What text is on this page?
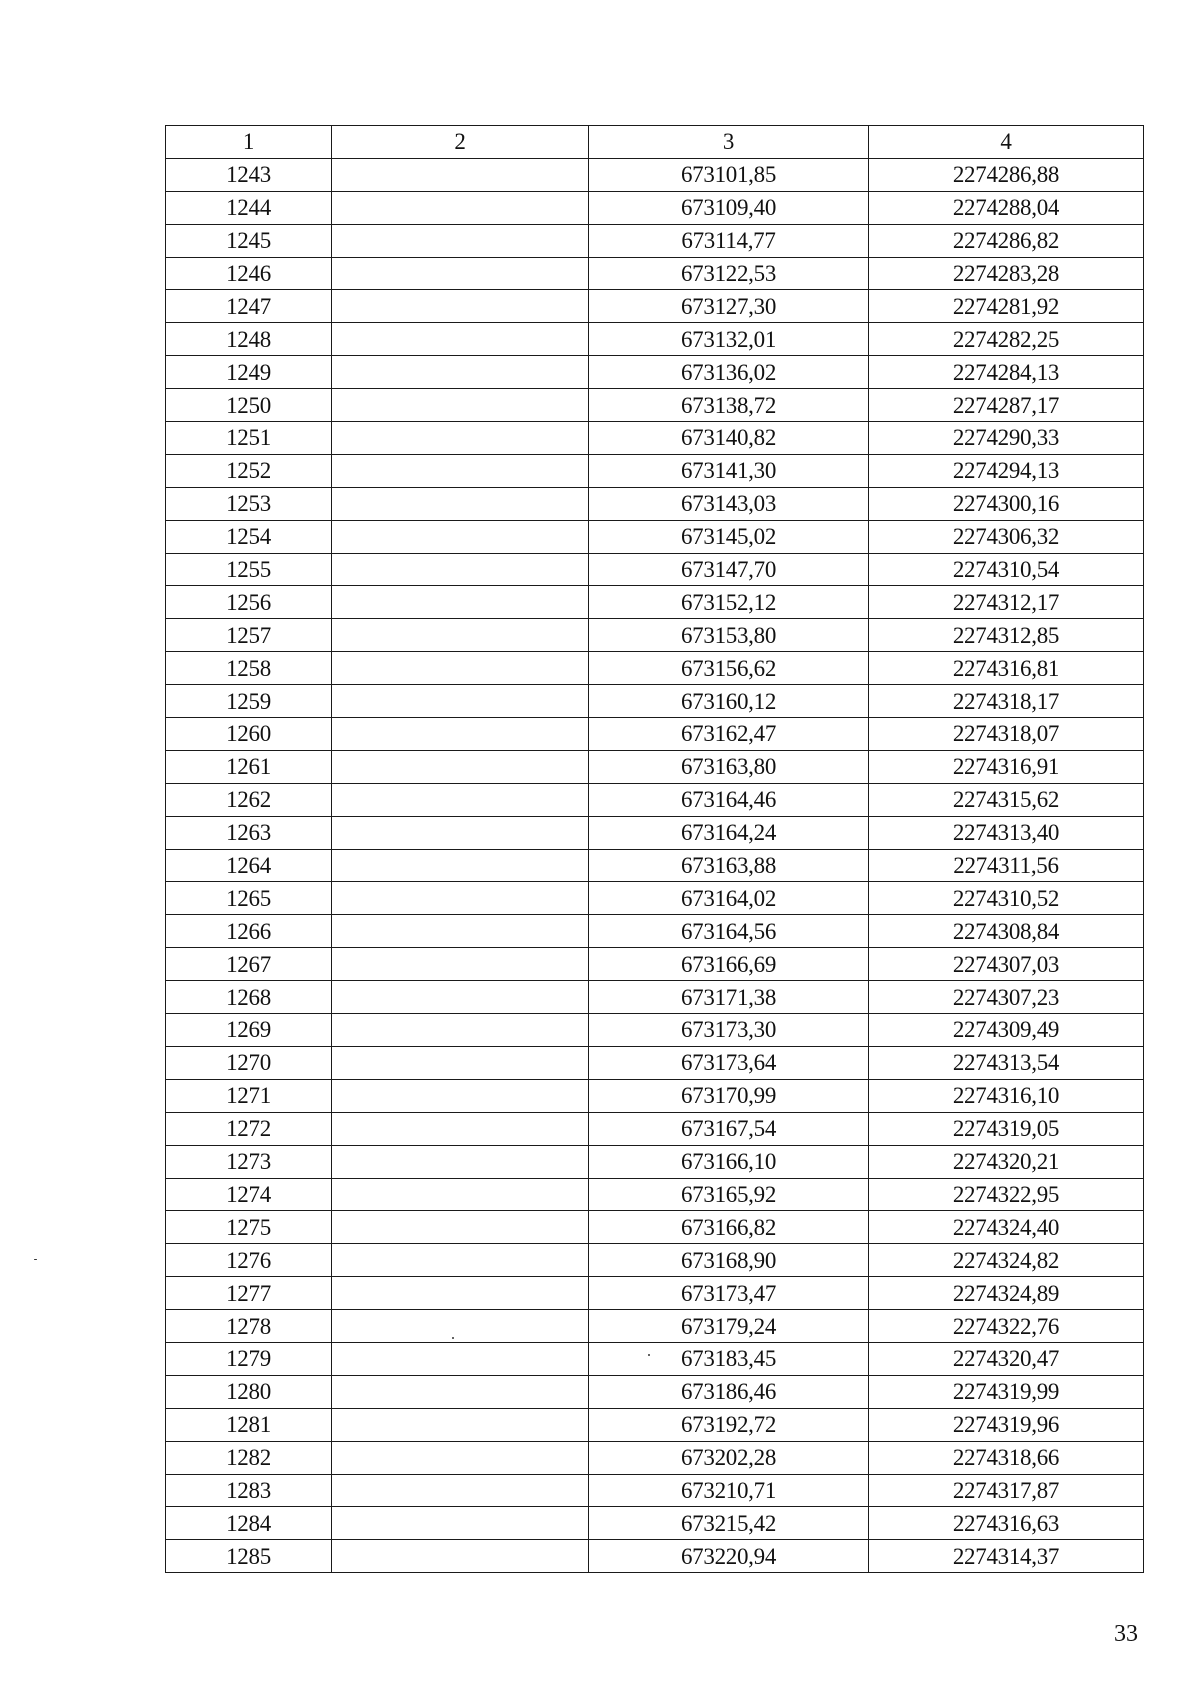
1	2	3	4
1243		673101,85	2274286,88
1244		673109,40	2274288,04
1245		673114,77	2274286,82
1246		673122,53	2274283,28
1247		673127,30	2274281,92
1248		673132,01	2274282,25
1249		673136,02	2274284,13
1250		673138,72	2274287,17
1251		673140,82	2274290,33
1252		673141,30	2274294,13
1253		673143,03	2274300,16
1254		673145,02	2274306,32
1255		673147,70	2274310,54
1256		673152,12	2274312,17
1257		673153,80	2274312,85
1258		673156,62	2274316,81
1259		673160,12	2274318,17
1260		673162,47	2274318,07
1261		673163,80	2274316,91
1262		673164,46	2274315,62
1263		673164,24	2274313,40
1264		673163,88	2274311,56
1265		673164,02	2274310,52
1266		673164,56	2274308,84
1267		673166,69	2274307,03
1268		673171,38	2274307,23
1269		673173,30	2274309,49
1270		673173,64	2274313,54
1271		673170,99	2274316,10
1272		673167,54	2274319,05
1273		673166,10	2274320,21
1274		673165,92	2274322,95
1275		673166,82	2274324,40
1276		673168,90	2274324,82
1277		673173,47	2274324,89
1278		673179,24	2274322,76
1279		673183,45	2274320,47
1280		673186,46	2274319,99
1281		673192,72	2274319,96
1282		673202,28	2274318,66
1283		673210,71	2274317,87
1284		673215,42	2274316,63
1285		673220,94	2274314,37
33
